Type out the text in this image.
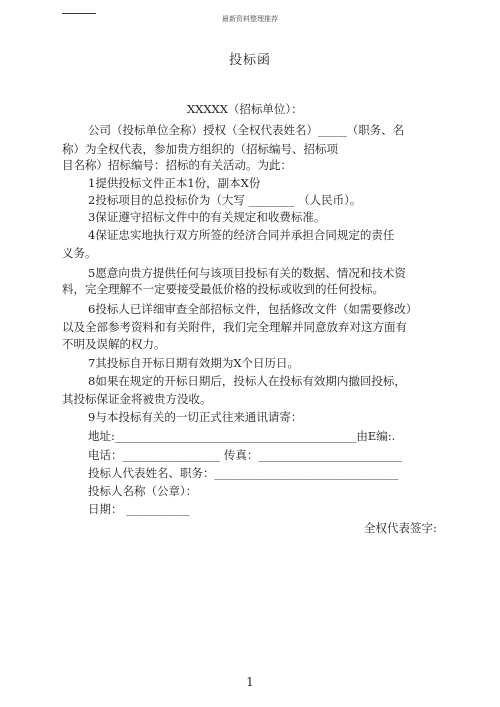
最新资料整理推荐
投标函
XXXXX（招标单位）：
公司（投标单位全称）授权（全权代表姓名）_____（职务、名
称）为全权代表，参加贵方组织的（招标编号、招标项
目名称）招标编号：招标的有关活动。为此：
1提供投标文件正本1份，副本X份
2投标项目的总投标价为（大写 ________ （人民币）。
3保证遵守招标文件中的有关规定和收费标准。
4保证忠实地执行双方所签的经济合同并承担合同规定的责任
义务。
5愿意向贵方提供任何与该项目投标有关的数据、情况和技术资
料，完全理解不一定要接受最低价格的投标或收到的任何投标。
6投标人已详细审查全部招标文件，包括修改文件（如需要修改）
以及全部参考资料和有关附件，我们完全理解并同意放弃对这方面有
不明及误解的权力。
7其投标自开标日期有效期为X个日历日。
8如果在规定的开标日期后，投标人在投标有效期内撤回投标，
其投标保证金将被贵方没收。
9与本投标有关的一切正式往来通讯请寄：
地址:__________________________________________由E编:.
电话：_________________ 传真：_________________________
投标人代表姓名、职务：________________________________
投标人名称（公章）：
日期： ___________
全权代表签字:
1
